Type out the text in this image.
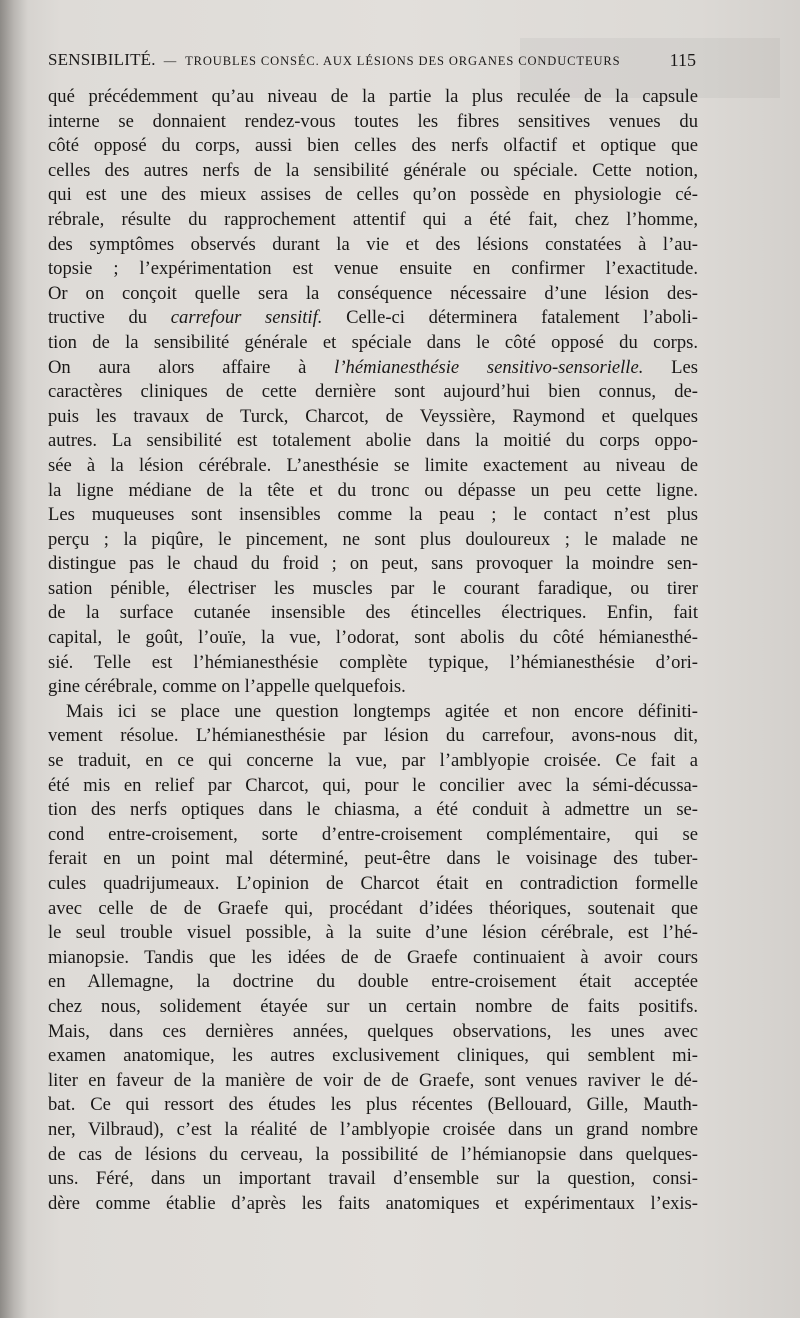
SENSIBILITÉ. — TROUBLES CONSÉC. AUX LÉSIONS DES ORGANES CONDUCTEURS	115
qué précédemment qu’au niveau de la partie la plus reculée de la capsule
interne se donnaient rendez-vous toutes les fibres sensitives venues du
côté opposé du corps, aussi bien celles des nerfs olfactif et optique que
celles des autres nerfs de la sensibilité générale ou spéciale. Cette notion,
qui est une des mieux assises de celles qu’on possède en physiologie cé-
rébrale, résulte du rapprochement attentif qui a été fait, chez l’homme,
des symptômes observés durant la vie et des lésions constatées à l’au-
topsie ; l’expérimentation est venue ensuite en confirmer l’exactitude.
Or on conçoit quelle sera la conséquence nécessaire d’une lésion des-
tructive du carrefour sensitif. Celle-ci déterminera fatalement l’aboli-
tion de la sensibilité générale et spéciale dans le côté opposé du corps.
On aura alors affaire à l’hémianesthésie sensitivo-sensorielle. Les
caractères cliniques de cette dernière sont aujourd’hui bien connus, de-
puis les travaux de Turck, Charcot, de Veyssière, Raymond et quelques
autres. La sensibilité est totalement abolie dans la moitié du corps oppo-
sée à la lésion cérébrale. L’anesthésie se limite exactement au niveau de
la ligne médiane de la tête et du tronc ou dépasse un peu cette ligne.
Les muqueuses sont insensibles comme la peau ; le contact n’est plus
perçu ; la piqûre, le pincement, ne sont plus douloureux ; le malade ne
distingue pas le chaud du froid ; on peut, sans provoquer la moindre sen-
sation pénible, électriser les muscles par le courant faradique, ou tirer
de la surface cutanée insensible des étincelles électriques. Enfin, fait
capital, le goût, l’ouïe, la vue, l’odorat, sont abolis du côté hémianesthé-
sié. Telle est l’hémianesthésie complète typique, l’hémianesthésie d’ori-
gine cérébrale, comme on l’appelle quelquefois.
Mais ici se place une question longtemps agitée et non encore définiti-
vement résolue. L’hémianesthésie par lésion du carrefour, avons-nous dit,
se traduit, en ce qui concerne la vue, par l’amblyopie croisée. Ce fait a
été mis en relief par Charcot, qui, pour le concilier avec la sémi-décussa-
tion des nerfs optiques dans le chiasma, a été conduit à admettre un se-
cond entre-croisement, sorte d’entre-croisement complémentaire, qui se
ferait en un point mal déterminé, peut-être dans le voisinage des tuber-
cules quadrijumeaux. L’opinion de Charcot était en contradiction formelle
avec celle de de Graefe qui, procédant d’idées théoriques, soutenait que
le seul trouble visuel possible, à la suite d’une lésion cérébrale, est l’hé-
mianopsie. Tandis que les idées de de Graefe continuaient à avoir cours
en Allemagne, la doctrine du double entre-croisement était acceptée
chez nous, solidement étayée sur un certain nombre de faits positifs.
Mais, dans ces dernières années, quelques observations, les unes avec
examen anatomique, les autres exclusivement cliniques, qui semblent mi-
liter en faveur de la manière de voir de de Graefe, sont venues raviver le dé-
bat. Ce qui ressort des études les plus récentes (Bellouard, Gille, Mauth-
ner, Vilbraud), c’est la réalité de l’amblyopie croisée dans un grand nombre
de cas de lésions du cerveau, la possibilité de l’hémianopsie dans quelques-
uns. Féré, dans un important travail d’ensemble sur la question, consi-
dère comme établie d’après les faits anatomiques et expérimentaux l’exis-
